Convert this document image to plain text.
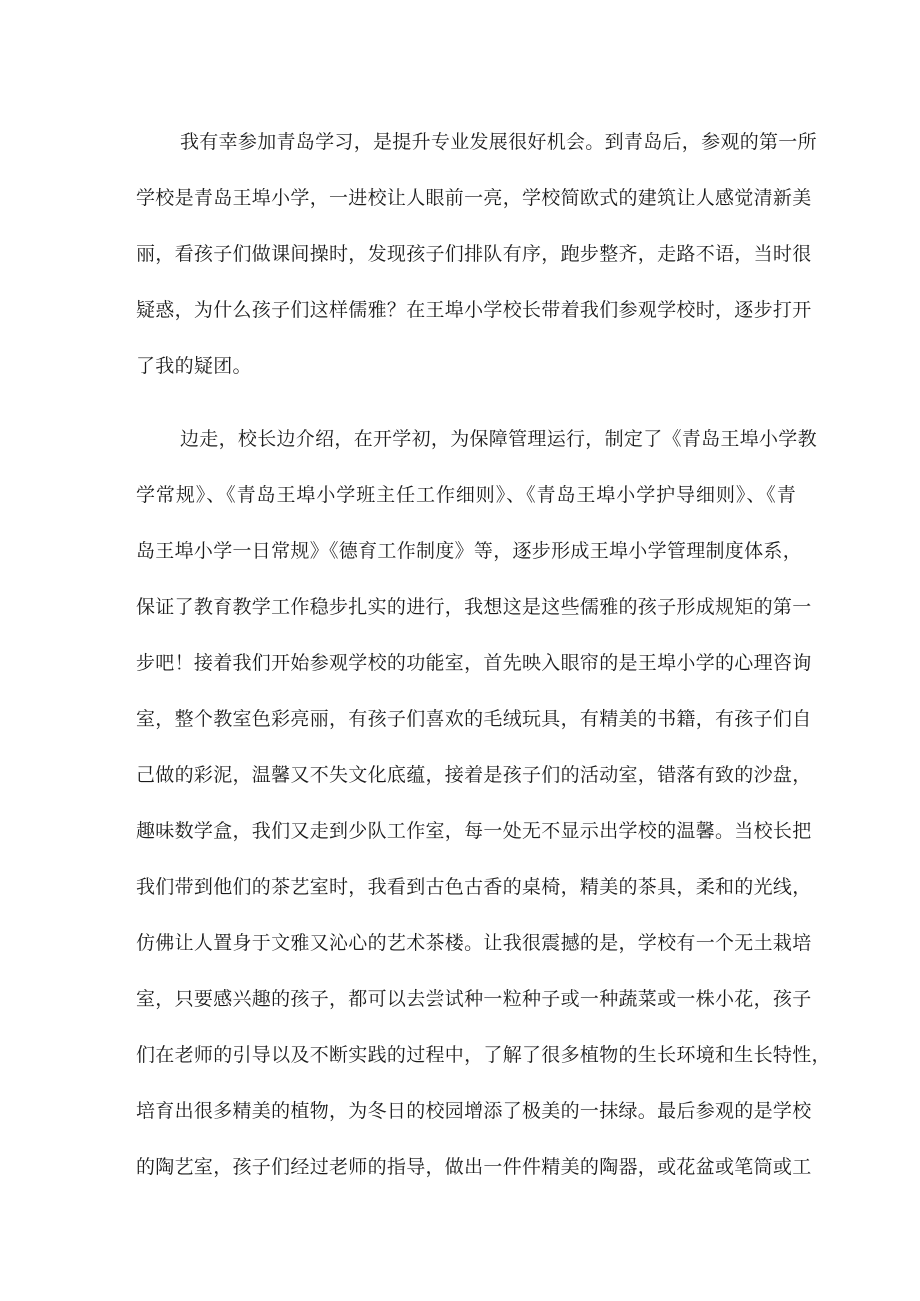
我有幸参加青岛学习，是提升专业发展很好机会。到青岛后，参观的第一所
学校是青岛王埠小学，一进校让人眼前一亮，学校简欧式的建筑让人感觉清新美
丽，看孩子们做课间操时，发现孩子们排队有序，跑步整齐，走路不语，当时很
疑惑，为什么孩子们这样儒雅？在王埠小学校长带着我们参观学校时，逐步打开
了我的疑团。
边走，校长边介绍，在开学初，为保障管理运行，制定了《青岛王埠小学教
学常规》、《青岛王埠小学班主任工作细则》、《青岛王埠小学护导细则》、《青
岛王埠小学一日常规》《德育工作制度》等，逐步形成王埠小学管理制度体系，
保证了教育教学工作稳步扎实的进行，我想这是这些儒雅的孩子形成规矩的第一
步吧！接着我们开始参观学校的功能室，首先映入眼帘的是王埠小学的心理咨询
室，整个教室色彩亮丽，有孩子们喜欢的毛绒玩具，有精美的书籍，有孩子们自
己做的彩泥，温馨又不失文化底蕴，接着是孩子们的活动室，错落有致的沙盘，
趣味数学盒，我们又走到少队工作室，每一处无不显示出学校的温馨。当校长把
我们带到他们的茶艺室时，我看到古色古香的桌椅，精美的茶具，柔和的光线，
仿佛让人置身于文雅又沁心的艺术茶楼。让我很震撼的是，学校有一个无土栽培
室，只要感兴趣的孩子，都可以去尝试种一粒种子或一种蔬菜或一株小花，孩子
们在老师的引导以及不断实践的过程中，了解了很多植物的生长环境和生长特性，
培育出很多精美的植物，为冬日的校园增添了极美的一抹绿。最后参观的是学校
的陶艺室，孩子们经过老师的指导，做出一件件精美的陶器，或花盆或笔筒或工
